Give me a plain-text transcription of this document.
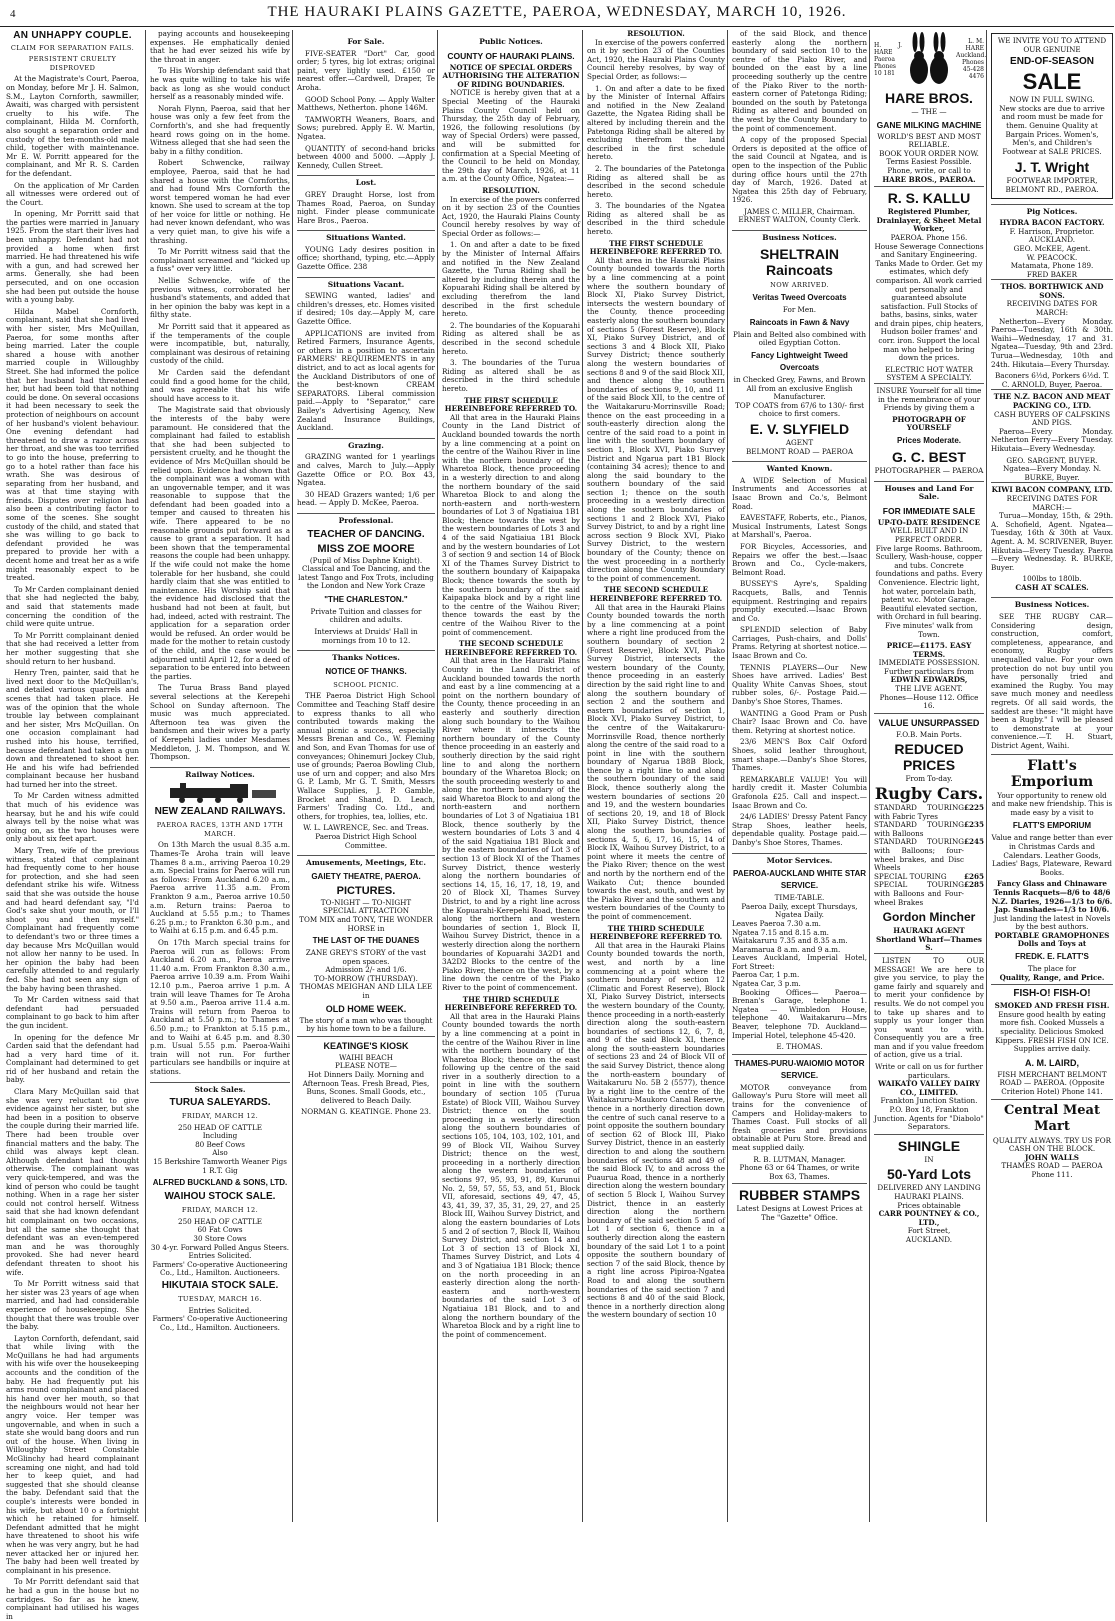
4	THE HAURAKI PLAINS GAZETTE, PAEROA, WEDNESDAY, MARCH 10, 1926.
AN UNHAPPY COUPLE.
CLAIM FOR SEPARATION FAILS.
PERSISTENT CRUELTY DISPROVED

At the Magistrate's Court, Paeroa, on Monday, before Mr J. H. Salmon, S.M., Layton Cornforth, sawmiller, Awaiti, was charged with persistent cruelty to his wife. The complainant, Hilda M. Cornforth, also sought a separation order and custody of the ten-months-old male child, together with maintenance. Mr E. W. Porritt appeared for the complainant, and Mr R. S. Carden for the defendant.

On the application of Mr Carden all witnesses were ordered out of the Court.

In opening, Mr Porritt said that the parties were married in January 1925. From the start their lives had been unhappy. Defendant had not provided a home when first married. He had threatened his wife with a gun, and had screwed her arms. Generally, she had been persecuted, and on one occasion she had been put outside the house with a young baby.

Hilda Mabel Cornforth, complainant, said that she had lived with her sister, Mrs McQuillan, Paeroa, for some months after being married. Later the couple shared a house with another married couple in Willoughby Street. She had informed the police that her husband had threatened her, but had been told that nothing could be done. On several occasions it had been necessary to seek the protection of neighbours on account of her husband's violent behaviour. One evening defendant had threatened to draw a razor across her throat, and she was too terrified to go into the house, preferring to go to a hotel rather than face his wrath. She was desirous of separating from her husband, and was at that time staying with friends. Disputes over religion had also been a contributing factor to some of the scenes. She sought custody of the child, and stated that she was willing to go back to defendant provided he was prepared to provide her with a decent home and treat her as a wife might reasonably expect to be treated.

To Mr Carden complainant denied that she had neglected the baby, and said that statements made concerning the condition of the child were quite untrue.

To Mr Porritt complainant denied that she had received a letter from her mother suggesting that she should return to her husband.

Henry Tren, painter, said that he lived next door to the McQuillan's, and detailed various quarrels and scenes that had taken place. He was of the opinion that the whole trouble lay between complainant and her sister, Mrs McQuillan. On one occasion complainant had rushed into his house, terrified, because defendant had taken a gun down and threatened to shoot her. He and his wife had befriended complainant because her husband had turned her into the street.

To Mr Carden witness admitted that much of his evidence was hearsay, but he and his wife could always tell by the noise what was going on, as the two houses were only about six feet apart.

Mary Tren, wife of the previous witness, stated that complainant had frequently come to her house for protection, and she had seen defendant strike his wife. Witness said that she was outside the house and had heard defendant say, "I'd God's sake shut your mouth, or I'll shoot you and then myself." Complainant had frequently come to defendant's two or three times a day because Mrs McQuillan would not allow her nanny to be used. In her opinion the baby had been carefully attended to and regularly fed. She had not seen any sign of the baby having been thrashed.

To Mr Carden witness said that defendant had persuaded complainant to go back to him after the gun incident.

In opening for the defence Mr Carden said that the defendant had had a very hard time of it. Complainant had determined to get rid of her husband and retain the baby.

Clara Mary McQuillan said that she was very reluctant to give evidence against her sister, but she had been in a position to observe the couple during their married life. There had been trouble over financial matters and the baby. The child was always kept clean. Although defendant had thought otherwise. The complainant was very quick-tempered, and was the kind of person who could be taught nothing. When in a rage her sister could not control herself. Witness said that she had known defendant hit complainant on two occasions, but all the same she thought that defendant was an even-tempered man and he was thoroughly provoked. She had never heard defendant threaten to shoot his wife.

To Mr Porritt witness said that her sister was 23 years of age when married, and had had considerable experience of housekeeping. She thought that there was trouble over the baby.

Layton Cornforth, defendant, said that while living with the McQuillans he had had arguments with his wife over the housekeeping accounts and the condition of the baby. He had frequently put his arms round complainant and placed his hand over her mouth, so that the neighbours would not hear her angry voice. Her temper was ungovernable, and when in such a state she would bang doors and run out of the house. When living in Willoughby Street Constable McGlinchy had heard complainant screaming one night, and had told her to keep quiet, and had suggested that she should cleanse the baby. Defendant said that the couple's interests were bonded in his wife, but about 10 o a fortnight which he retained for himself. Defendant admitted that he might have threatened to shoot his wife when he was very angry, but he had never attacked her or injured her. The baby had been well treated by complainant in his presence.

To Mr Porritt defendant said that he had a gun in the house but no cartridges. So far as he knew, complainant had utilised his wages in

paying accounts and housekeeping expenses. He emphatically denied that he had ever seized his wife by the throat in anger.

To His Worship defendant said that he was quite willing to take his wife back as long as she would conduct herself as a reasonably minded wife.

Norah Flynn, Paeroa, said that her house was only a few feet from the Cornforth's, and she had frequently heard rows going on in the home. Witness alleged that she had seen the baby in a filthy condition.

Robert Schwencke, railway employee, Paeroa, said that he had shared a house with the Cornforths, and had found Mrs Cornforth the worst tempered woman he had ever known. She used to scream at the top of her voice for little or nothing. He had never known defendant, who was a very quiet man, to give his wife a thrashing.

To Mr Porritt witness said that the complainant screamed and "kicked up a fuss" over very little.

Nellie Schwencke, wife of the previous witness, corroborated her husband's statements, and added that in her opinion the baby was kept in a filthy state.

Mr Porritt said that it appeared as if the temperaments of the couple were incompatible, but, naturally, complainant was desirous of retaining custody of the child.

Mr Carden said the defendant could find a good home for the child, and was agreeable that his wife should have access to it.

The Magistrate said that obviously the interests of the baby were paramount. He considered that the complainant had failed to establish that she had been subjected to persistent cruelty, and he thought the evidence of Mrs McQuillan should be relied upon. Evidence had shown that the complainant was a woman with an ungovernable temper, and it was reasonable to suppose that the defendant had been goaded into a temper and caused to threaten his wife. There appeared to be no reasonable grounds put forward as a cause to grant a separation. It had been shown that the temperamental reasons the couple had been unhappy. If the wife could not make the home tolerable for her husband, she could hardly claim that she was entitled to maintenance. His Worship said that the evidence had disclosed that the husband had not been at fault, but had, indeed, acted with restraint. The application for a separation order would be refused. An order would be made for the mother to retain custody of the child, and the case would be adjourned until April 12, for a deed of separation to be entered into between the parties.

The Turua Brass Band played several selections at the Kerepehi School on Sunday afternoon. The music was much appreciated. Afternoon tea was given the bandsmen and their wives by a party of Kerepehi ladies under Mesdames Meddleton, J. M. Thompson, and W. Thompson.

Railway Notices.
NEW ZEALAND RAILWAYS.
PAEROA RACES, 13TH AND 17TH MARCH.

On 13th March the usual 8.35 a.m. Thames-Te Aroha train will leave Thames 8 a.m., arriving Paeroa 10.29 a.m. Special trains for Paeroa will run as follows: From Auckland 6.20 a.m., Paeroa arrive 11.35 a.m. From Frankton 9 a.m., Paeroa arrive 10.50 a.m. Return trains: Paeroa to Auckland at 5.55 p.m.; to Thames 6.25 p.m.; to Frankton 6.30 p.m., and to Waihi at 6.15 p.m. and 6.45 p.m.

On 17th March special trains for Paeroa will run as follows: From Auckland 6.20 a.m., Paeroa arrive 11.40 a.m. From Frankton 8.30 a.m., Paeroa arrive 10.39 a.m. From Waihi 12.10 p.m., Paeroa arrive 1 p.m. A train will leave Thames for Te Aroha at 9.50 a.m., Paeroa arrive 11.4 a.m. Trains will return from Paeroa to Auckland at 5.50 p.m.; to Thames at 6.50 p.m.; to Frankton at 5.15 p.m., and to Waihi at 6.45 p.m. and 8.30 p.m. Usual 5.55 p.m. Paeroa-Waihi train will not run. For further particulars see handbills or inquire at stations.

Stock Sales.
TURUA SALEYARDS.
FRIDAY, MARCH 12.
250 HEAD OF CATTLE
Including
80 Beef Cows
Also
15 Berkshire Tamworth Weaner Pigs
1 R.T. Gig
ALFRED BUCKLAND & SONS, LTD.
WAIHOU STOCK SALE.
FRIDAY, MARCH 12.
250 HEAD OF CATTLE
60 Fat Cows
30 Store Cows
30 4-yr. Forward Polled Angus Steers.
Entries Solicited.
Farmers' Co-operative Auctioneering Co., Ltd., Hamilton. Auctioneers.
HIKUTAIA STOCK SALE.
TUESDAY, MARCH 16.
Entries Solicited.
Farmers' Co-operative Auctioneering Co., Ltd., Hamilton. Auctioneers.
For Sale.

FIVE-SEATER "Dort" Car, good order; 5 tyres, big lot extras; original paint, very lightly used. £150 or nearest offer.—Cardwell, Draper, Te Aroha.

GOOD School Pony. — Apply Walter Matthews, Netherton. phone 146M.

TAMWORTH Weaners, Boars, and Sows; purebred. Apply E. W. Martin, Ngatea.

QUANTITY of second-hand bricks between 4000 and 5000. —Apply J. Kennedy, Cullen Street.

Lost.

GREY Draught Horse, lost from Thames Road, Paeroa, on Sunday night. Finder please communicate Hare Bros., Paeroa.

Situations Wanted.

YOUNG Lady desires position in office; shorthand, typing, etc.—Apply Gazette Office. 238

Situations Vacant.

SEWING wanted, ladies' and children's dresses, etc. Homes visited if desired; 10s day.—Apply M, care Gazette Office.

APPLICATIONS are invited from Retired Farmers, Insurance Agents, or others in a position to ascertain FARMERS' REQUIREMENTS in any district, and to act as local agents for the Auckland Distributors of one of the best-known CREAM SEPARATORS. Liberal commission paid.—Apply to "Separator," care Bailey's Advertising Agency, New Zealand Insurance Buildings, Auckland.

Grazing.

GRAZING wanted for 1 yearlings and calves, March to July.—Apply Gazette Office or P.O. Box 43, Ngatea.

30 HEAD Grazers wanted; 1/6 per head. — Apply D. McKee, Paeroa.

Professional.
TEACHER OF DANCING.
MISS ZOE MOORE
(Pupil of Miss Daphne Knight).

Classical and Toe Dancing, and the latest Tango and Fox Trots, including the London and New York Craze

"THE CHARLESTON."

Private Tuition and classes for children and adults.

Interviews at Druids' Hall in mornings from 10 to 12.

Thanks Notices.
NOTICE OF THANKS.
SCHOOL PICNIC.

THE Paeroa District High School Committee and Teaching Staff desire to express thanks to all who contributed towards making the annual picnic a success, especially Messrs Brenan and Co., W. Fleming and Son, and Evan Thomas for use of conveyances; Ohinemuri Jockey Club, use of grounds; Paeroa Bowling Club, use of urn and copper; and also Mrs G. P. Lamb, Mr G. T. Smith, Messrs Wallace Supplies, J. P. Gamble, Brocket and Shand, D. Leach, Farmers' Trading Co. Ltd., and others, for trophies, tea, lollies, etc.

W. L. LAWRENCE, Sec. and Treas. Paeroa District High School Committee.

Amusements, Meetings, Etc.
GAIETY THEATRE, PAEROA.
PICTURES.
TO-NIGHT — TO-NIGHT
SPECIAL ATTRACTION
TOM MIX and TONY, THE WONDER HORSE in
THE LAST OF THE DUANES
ZANE GREY'S STORY of the vast open spaces.
Admission 2/- and 1/6.
TO-MORROW (THURSDAY).
THOMAS MEIGHAN AND LILA LEE in
OLD HOME WEEK.
The story of a man who was thought by his home town to be a failure.
KEATINGE'S KIOSK
WAIHI BEACH
PLEASE NOTE—

Hot Dinners Daily. Morning and Afternoon Teas. Fresh Bread, Pies, Buns, Scones. Small Goods, etc., delivered to Beach Daily.

NORMAN G. KEATINGE. Phone 23.
Public Notices.
COUNTY OF HAURAKI PLAINS.
NOTICE OF SPECIAL ORDERS AUTHORISING THE ALTERATION OF RIDING BOUNDARIES.

NOTICE is hereby given that at a Special Meeting of the Hauraki Plains County Council held on Thursday, the 25th day of February, 1926, the following resolutions (by way of Special Orders) were passed, and will be submitted for confirmation at a Special Meeting of the Council to be held on Monday, the 29th day of March, 1926, at 11 a.m. at the County Office, Ngatea:—

RESOLUTION.

In exercise of the powers conferred on it by section 23 of the Counties Act, 1920, the Hauraki Plains County Council hereby resolves by way of Special Order as follows:—

1. On and after a date to be fixed by the Minister of Internal Affairs and notified in the New Zealand Gazette, the Turua Riding shall be altered by including therein and the Kopuarahi Riding shall be altered by excluding therefrom the land described in the first schedule hereto.

2. The boundaries of the Kopuarahi Riding as altered shall be as described in the second schedule hereto.

3. The boundaries of the Turua Riding as altered shall be as described in the third schedule hereto.

THE FIRST SCHEDULE HEREINBEFORE REFERRED TO.

All that area in the Hauraki Plains County in the Land District of Auckland bounded towards the north by a line commencing at a point on the centre of the Waihou River in line with the northern boundary of the Wharetoa Block, thence proceeding in a westerly direction to and along the northern boundary of the said Wharetoa Block to and along the north-eastern and north-western boundaries of Lot 3 of Ngatiaiua 1B1 Block; thence towards the west by the western boundaries of Lots 3 and 4 of the said Ngatiaiua 1B1 Block and by the western boundaries of Lot 3 of section 9 and section 14 of Block XI of the Thames Survey District to the southern boundary of Kaipapaka Block; thence towards the south by the southern boundary of the said Kaipapaka block and by a right line to the centre of the Waihou River; thence towards the east by the centre of the Waihou River to the point of commencement.

THE SECOND SCHEDULE HEREINBEFORE REFERRED TO.

All that area in the Hauraki Plains County in the Land District of Auckland bounded towards the north and east by a line commencing at a point on the northern boundary of the County, thence proceeding in an easterly and southerly direction along such boundary to the Waihou River where it intersects the northern boundary of the County thence proceeding in an easterly and southerly direction by the said right line to and along the northern boundary of the Wharetoa Block; on the south proceeding westerly to and along the northern boundary of the said Wharetoa Block to and along the north-eastern and northern boundaries of Lot 3 of Ngatiaiua 1B1 Block, thence southerly by the western boundaries of Lots 3 and 4 of the said Ngatiaiua 1B1 Block and by the eastern boundaries of Lot 3 of section 13 of Block XI of the Thames Survey District, thence westerly along the northern boundaries of sections 14, 15, 16, 17, 18, 19, and 20 of Block XI, Thames Survey District, to and by a right line across the Kopuarahi-Kerepehi Road, thence along the northern and western boundaries of section 1, Block II, Waihou Survey District, thence in a westerly direction along the northern boundaries of Kopuarahi 3A2D1 and 3A2D2 Blocks to the centre of the Piako River, thence on the west, by a line down the centre of the Piako River to the point of commencement.

THE THIRD SCHEDULE HEREINBEFORE REFERRED TO.

All that area in the Hauraki Plains County bounded towards the north by a line commencing at a point in the centre of the Waihou River in line with the northern boundary of the Wharetoa Block; thence on the east following up the centre of the said river in a southerly direction to a point in line with the southern boundary of section 105 (Turua Estate) of Block VIII, Waihou Survey District; thence on the south proceeding in a westerly direction along the southern boundaries of sections 105, 104, 103, 102, 101, and 99 of Block VII, Waihou Survey District; thence on the west, proceeding in a northerly direction along the western boundaries of sections 97, 95, 93, 91, 89, Kurunui No. 2, 59, 57, 55, 53, and 51, Block VII, aforesaid, sections 49, 47, 45, 43, 41, 39, 37, 35, 31, 29, 27, and 25 Block III, Waihou Survey District, and along the eastern boundaries of Lots 5 and 2 of section 7, Block II, Waihou Survey District, and section 14 and Lot 3 of section 13 of Block XI, Thames Survey District, and Lots 4 and 3 of Ngatiaiua 1B1 Block; thence on the north proceeding in an easterly direction along the north-eastern and north-western boundaries of the said Lot 3 of Ngatiaiua 1B1 Block, and to and along the northern boundary of the Wharetoa Block and by a right line to the point of commencement.

RESOLUTION.

In exercise of the powers conferred on it by section 23 of the Counties Act, 1920, the Hauraki Plains County Council hereby resolves, by way of Special Order, as follows:—

1. On and after a date to be fixed by the Minister of Internal Affairs and notified in the New Zealand Gazette, the Ngatea Riding shall be altered by including therein and the Patetonga Riding shall be altered by excluding therefrom the land described in the first schedule hereto.

2. The boundaries of the Patetonga Riding as altered shall be as described in the second schedule hereto.

3. The boundaries of the Ngatea Riding as altered shall be as described in the third schedule hereto.

THE FIRST SCHEDULE HEREINBEFORE REFERRED TO.

All that area in the Hauraki Plains County bounded towards the north by a line commencing at a point where the southern boundary of Block XI, Piako Survey District, intersects the western boundary of the County, thence proceeding easterly along the southern boundary of sections 5 (Forest Reserve), Block XI, Piako Survey District, and of sections 3 and 4 Block XII, Piako Survey District; thence southerly along the western boundaries of sections 8 and 9 of the said Block XII, and thence along the southern boundaries of sections 9, 10, and 11 of the said Block XII, to the centre of the Waitakaruru-Morrinsville Road; thence on the east proceeding in a south-easterly direction along the centre of the said road to a point in line with the southern boundary of section 1, Block XVI, Piako Survey District and Ngarua part 1B1 Block (containing 34 acres); thence to and along the said boundary to the southern boundary of the said section 1; thence on the south proceeding in a westerly direction along the southern boundaries of sections 1 and 2 Block XVI, Piako Survey District, to and by a right line across section 9 Block XVI, Piako Survey District, to the western boundary of the County; thence on the west proceeding in a northerly direction along the County Boundary to the point of commencement.

THE SECOND SCHEDULE HEREINBEFORE REFERRED TO.

All that area in the Hauraki Plains County bounded towards the north by a line commencing at a point where a right line produced from the southern boundary of section 2 (Forest Reserve), Block XVI, Piako Survey District, intersects the western boundary of the County, thence proceeding in an easterly direction by the said right line to and along the southern boundary of section 2 and the southern and eastern boundaries of section 1, Block XVI, Piako Survey District, to the centre of the Waitakaruru-Morrinsville Road, thence northerly along the centre of the said road to a point in line with the southern boundary of Ngarua 1B8B Block, thence by a right line to and along the southern boundary of the said Block, thence southerly along the western boundaries of sections 20 and 19, and the western boundaries of sections 20, 19, and 18 of Block XII, Piako Survey District, thence along the southern boundaries of sections 4, 5, 6, 17, 16, 15, 14 of Block IX, Waihou Survey District, to a point where it meets the centre of the Piako River; thence on the west and north by the northern end of the Waikato Cut; thence bounded towards the east, south, and west by the Piako River and the southern and western boundaries of the County to the point of commencement.

THE THIRD SCHEDULE HEREINBEFORE REFERRED TO.

All that area in the Hauraki Plains County bounded towards the north, west, and north by a line commencing at a point where the southern boundary of section 12 (Climatic and Forest Reserve), Block XI, Piako Survey District, intersects the western boundary of the County, thence proceeding in a north-easterly direction along the south-eastern boundaries of sections 12, 6, 7, 8, and 9 of the said Block XI, thence along the south-eastern boundaries of sections 23 and 24 of Block VII of the said Survey District, thence along the north-eastern boundary of Waitakaruru No. 5B 2 (5577), thence by a right line to the centre of the Waitakaruru-Maukoro Canal Reserve, thence in a northerly direction down the centre of such canal reserve to a point opposite the southern boundary of section 62 of Block III, Piako Survey District, thence in an easterly direction to and along the southern boundaries of sections 48 and 49 of the said Block IV, to and across the Puaurua Road, thence in a northerly direction along the western boundary of section 5 Block I, Waihou Survey District, thence in an easterly direction along the northern boundary of the said section 5 and of Lot 1 of section 6, thence in a southerly direction along the eastern boundary of the said Lot 1 to a point opposite the southern boundary of section 7 of the said Block, thence by a right line across Pipiroa-Ngatea Road to and along the southern boundaries of the said section 7 and sections 8 and 40 of the said Block, thence in a northerly direction along the western boundary of section 10

of the said Block, and thence easterly along the northern boundary of said section 10 to the centre of the Piako River, and bounded on the east by a line proceeding southerly up the centre of the Piako River to the north-eastern corner of Patetonga Riding; bounded on the south by Patetonga Riding as altered and bounded on the west by the County Boundary to the point of commencement.

A copy of the proposed Special Orders is deposited at the office of the said Council at Ngatea, and is open to the inspection of the Public during office hours until the 27th day of March, 1926. Dated at Ngatea this 25th day of February, 1926.

JAMES C. MILLER, Chairman.
ERNEST WALTON, County Clerk.
Business Notices.
SHELTRAIN Raincoats
NOW ARRIVED.
Veritas Tweed Overcoats
For Men.
Raincoats in Fawn & Navy
Plain and Belted also combined with oiled Egyptian Cotton.
Fancy Lightweight Tweed Overcoats
in Checked Grey, Fawns, and Brown
All from an exclusive English Manufacturer.
TOP COATS from 67/6 to 130/- first choice to first comers.
E. V. SLYFIELD
AGENT
BELMONT ROAD — PAEROA
Wanted Known.

A WIDE Selection of Musical Instruments and Accessories at Isaac Brown and Co.'s, Belmont Road.

EAVESTAFF, Roberts, etc., Pianos, Musical Instruments, Latest Songs at Marshall's, Paeroa.

FOR Bicycles, Accessories, and Repairs we offer the best.—Isaac Brown and Co., Cycle-makers, Belmont Road.

BUSSEY'S Ayre's, Spalding Racquets, Balls, and Tennis equipment. Restringing and repairs promptly executed.—Isaac Brown and Co.

SPLENDID selection of Baby Carriages, Push-chairs, and Dolls' Prams. Retyring at shortest notice.—Isaac Brown and Co.

TENNIS PLAYERS—Our New Shoes have arrived. Ladies' Best Quality White Canvas Shoes, stout rubber soles, 6/-. Postage Paid.—Danby's Shoe Stores, Thames.

WANTING a Good Pram or Push Chair? Isaac Brown and Co. have them. Retyring at shortest notice.

23/6 MEN'S Box Calf Oxford Shoes, solid leather throughout, smart shape.—Danby's Shoe Stores, Thames.

REMARKABLE VALUE! You will hardly credit it. Master Columbia Grafonola £25. Call and inspect.—Isaac Brown and Co.

24/6 LADIES' Dressy Patent Fancy Strap Shoes, leather heels, dependable quality. Postage paid.—Danby's Shoe Stores, Thames.

Motor Services.
PAEROA-AUCKLAND WHITE STAR SERVICE.
TIME-TABLE.
Paeroa Daily, except Thursdays, Ngatea Daily.
Leaves Paeroa 7.30 a.m.
Ngatea 7.15 and 8.15 a.m.
Waitakaruru 7.35 and 8.35 a.m.
Maramarua 8 a.m. and 9 a.m.
Leaves Auckland, Imperial Hotel, Fort Street:
Paeroa Car, 1 p.m.
Ngatea Car, 3 p.m.

Booking Offices— Paeroa—Brenan's Garage, telephone 1. Ngatea — Wimbledon House, telephone 40. Waitakaruru—Mrs Beaver, telephone 7D. Auckland—Imperial Hotel, telephone 45-420.

E. THOMAS.
THAMES-PURU-WAIOMIO MOTOR SERVICE.

MOTOR conveyance from Galloway's Puru Store will meet all trains for the convenience of Campers and Holiday-makers to Thames Coast. Full stocks of all fresh groceries and provisions obtainable at Puru Store. Bread and meat supplied daily.

R. B. LUTMAN, Manager.
Phone 63 or 64 Thames, or write Box 63, Thames.
RUBBER STAMPS
Latest Designs at Lowest Prices at The "Gazette" Office.
H. J. HARE Paeroa Phones 10 181
L. M. HARE Auckland. Phones 45-428 4476
HARE BROS.
— THE —
GANE MILKING MACHINE
WORLD'S BEST AND MOST RELIABLE.
BOOK YOUR ORDER NOW.
Terms Easiest Possible.
Phone, write, or call to
HARE BROS., PAEROA.
R. S. KALLU
Registered Plumber, Drainlayer, & Sheet Metal Worker,
PAEROA. Phone 156.

House Sewerage Connections and Sanitary Engineering. Tanks Made to Order. Get my estimates, which defy comparison. All work carried out personally and guaranteed absolute satisfaction. Full Stocks of baths, basins, sinks, water and drain pipes, chip heaters, Hudson boiler frames' and corr. iron. Support the local man who helped to bring down the prices.

ELECTRIC HOT WATER SYSTEM A SPECIALTY.

INSURE Yourself for all time in the remembrance of your Friends by giving them a

PHOTOGRAPH OF YOURSELF
Prices Moderate.
G. C. BEST
PHOTOGRAPHER — PAEROA
Houses and Land For Sale.
FOR IMMEDIATE SALE
UP-TO-DATE RESIDENCE
WELL BUILT AND IN PERFECT ORDER.

Five large Rooms. Bathroom, Scullery, Wash-house, copper and tubs. Concrete foundations and paths. Every Convenience. Electric light, hot water, porcelain bath, patent w.c. Motor Garage. Beautiful elevated section, with Orchard in full bearing. Five minutes' walk from Town.

PRICE—£1175. EASY TERMS.
IMMEDIATE POSSESSION.
Further particulars from
EDWIN EDWARDS,
THE LIVE AGENT.
Phones—House 112. Office 16.
VALUE UNSURPASSED
F.O.B. Main Ports.
REDUCED PRICES
From To-day.
Rugby Cars.
STANDARD TOURING with Fabric Tyres
£225
STANDARD TOURING with Balloons
£235
STANDARD TOURING with Balloons; four-wheel brakes, and Disc Wheels
£245
SPECIAL TOURING £265
SPECIAL TOURING with Balloons and Four-wheel Brakes
£285
Gordon Mincher
HAURAKI AGENT Shortland Wharf—Thames S.

LISTEN TO OUR MESSAGE! We are here to give you service, to play the game fairly and squarely and to merit your confidence by results. We do not compel you to take up shares and to supply us your longer than you want to with. Consequently you are a free man and if you value freedom of action, give us a trial.

Write or call on us for further particulars.
WAIKATO VALLEY DAIRY CO., LIMITED.
Frankton Junction Station. P.O. Box 18, Frankton Junction. Agents for "Diabolo" Separators.
SHINGLE
IN
50-Yard Lots
DELIVERED ANY LANDING HAURAKI PLAINS.
Prices obtainable
CARR POUNTNEY & CO., LTD.,
Fort Street,
AUCKLAND.
WE INVITE YOU TO ATTEND OUR GENUINE
END-OF-SEASON
SALE
NOW IN FULL SWING.

New stocks are due to arrive and room must be made for them. Genuine Quality at Bargain Prices. Women's, Men's, and Children's Footwear at SALE PRICES.

J. T. Wright
FOOTWEAR IMPORTER, BELMONT RD., PAEROA.
Pig Notices.
HYDRA BACON FACTORY.
F. Harrison, Proprietor. AUCKLAND.
GEO. McKEE, Agent.
W. PEACOCK.
Matamata, Phone 189.
FRED BAKER
THOS. BORTHWICK AND SONS.
RECEIVING DATES FOR MARCH:

Netherton—Every Monday. Paeroa—Tuesday, 16th & 30th. Waihi—Wednesday, 17 and 31. Ngatea—Tuesday, 9th and 23rd. Turua—Wednesday, 10th and 24th. Hikutaia—Every Thursday.

Baconers 6½d, Porkers 6½d. T. C. ARNOLD, Buyer, Paeroa.
THE N.Z. BACON AND MEAT PACKING CO., LTD.
CASH BUYERS OF CALFSKINS AND PIGS.

Paeroa—Every Monday. Netherton Ferry—Every Tuesday. Hikutaia—Every Wednesday.

GEO. SARGENT, BUYER.
Ngatea—Every Monday. N. BURKE, Buyer.
KIWI BACON COMPANY, LTD.
RECEIVING DATES FOR MARCH:—

Turua—Monday, 15th, & 29th. A. Schofield, Agent. Ngatea— Tuesday, 16th & 30th at Vaux. Agent. A. M. SCRIVENER, Buyer. Hikutaia—Every Tuesday. Paeroa—Every Wednesday. R. BURKE, Buyer.

100lbs to 180lb.
CASH AT SCALES.
Business Notices.

SEE THE RUGBY CAR—Considering design, construction, comfort, completeness, appearance, and economy, Rugby offers unequalled value. For your own protection do not buy until you have personally tried and examined the Rugby. You may save much money and needless regrets. Of all said words, the saddest are these: "It might have been a Rugby." I will be pleased to demonstrate at your convenience.—T. H. Stuart, District Agent, Waihi.

Flatt's Emporium

Your opportunity to renew old and make new friendship. This is made easy by a visit to

FLATT'S EMPORIUM

Value and range better than ever in Christmas Cards and Calendars. Leather Goods, Ladies' Bags, Plateware, Reward Books.

Fancy Glass and Chinaware
Tennis Racquets—8/6 to 48/6
N.Z. Diaries, 1926—1/3 to 6/6.
Jap. Sunshades—1/3 to 10/6.
Just landing the latest in Novels by the best authors.
PORTABLE GRAMOPHONES
Dolls and Toys at
FREDK. E. FLATT'S
The place for
Quality, Range, and Price.
FISH-O! FISH-O!
SMOKED AND FRESH FISH.

Ensure good health by eating more fish. Cooked Mussels a speciality. Delicious Smoked Kippers. FRESH FISH ON ICE. Supplies arrive daily.

A. M. LAIRD,
FISH MERCHANT BELMONT ROAD — PAEROA. (Opposite Criterion Hotel) Phone 141.
Central Meat Mart
QUALITY ALWAYS. TRY US FOR CASH ON THE BLOCK.
JOHN WALLS
THAMES ROAD — PAEROA Phone 111.
